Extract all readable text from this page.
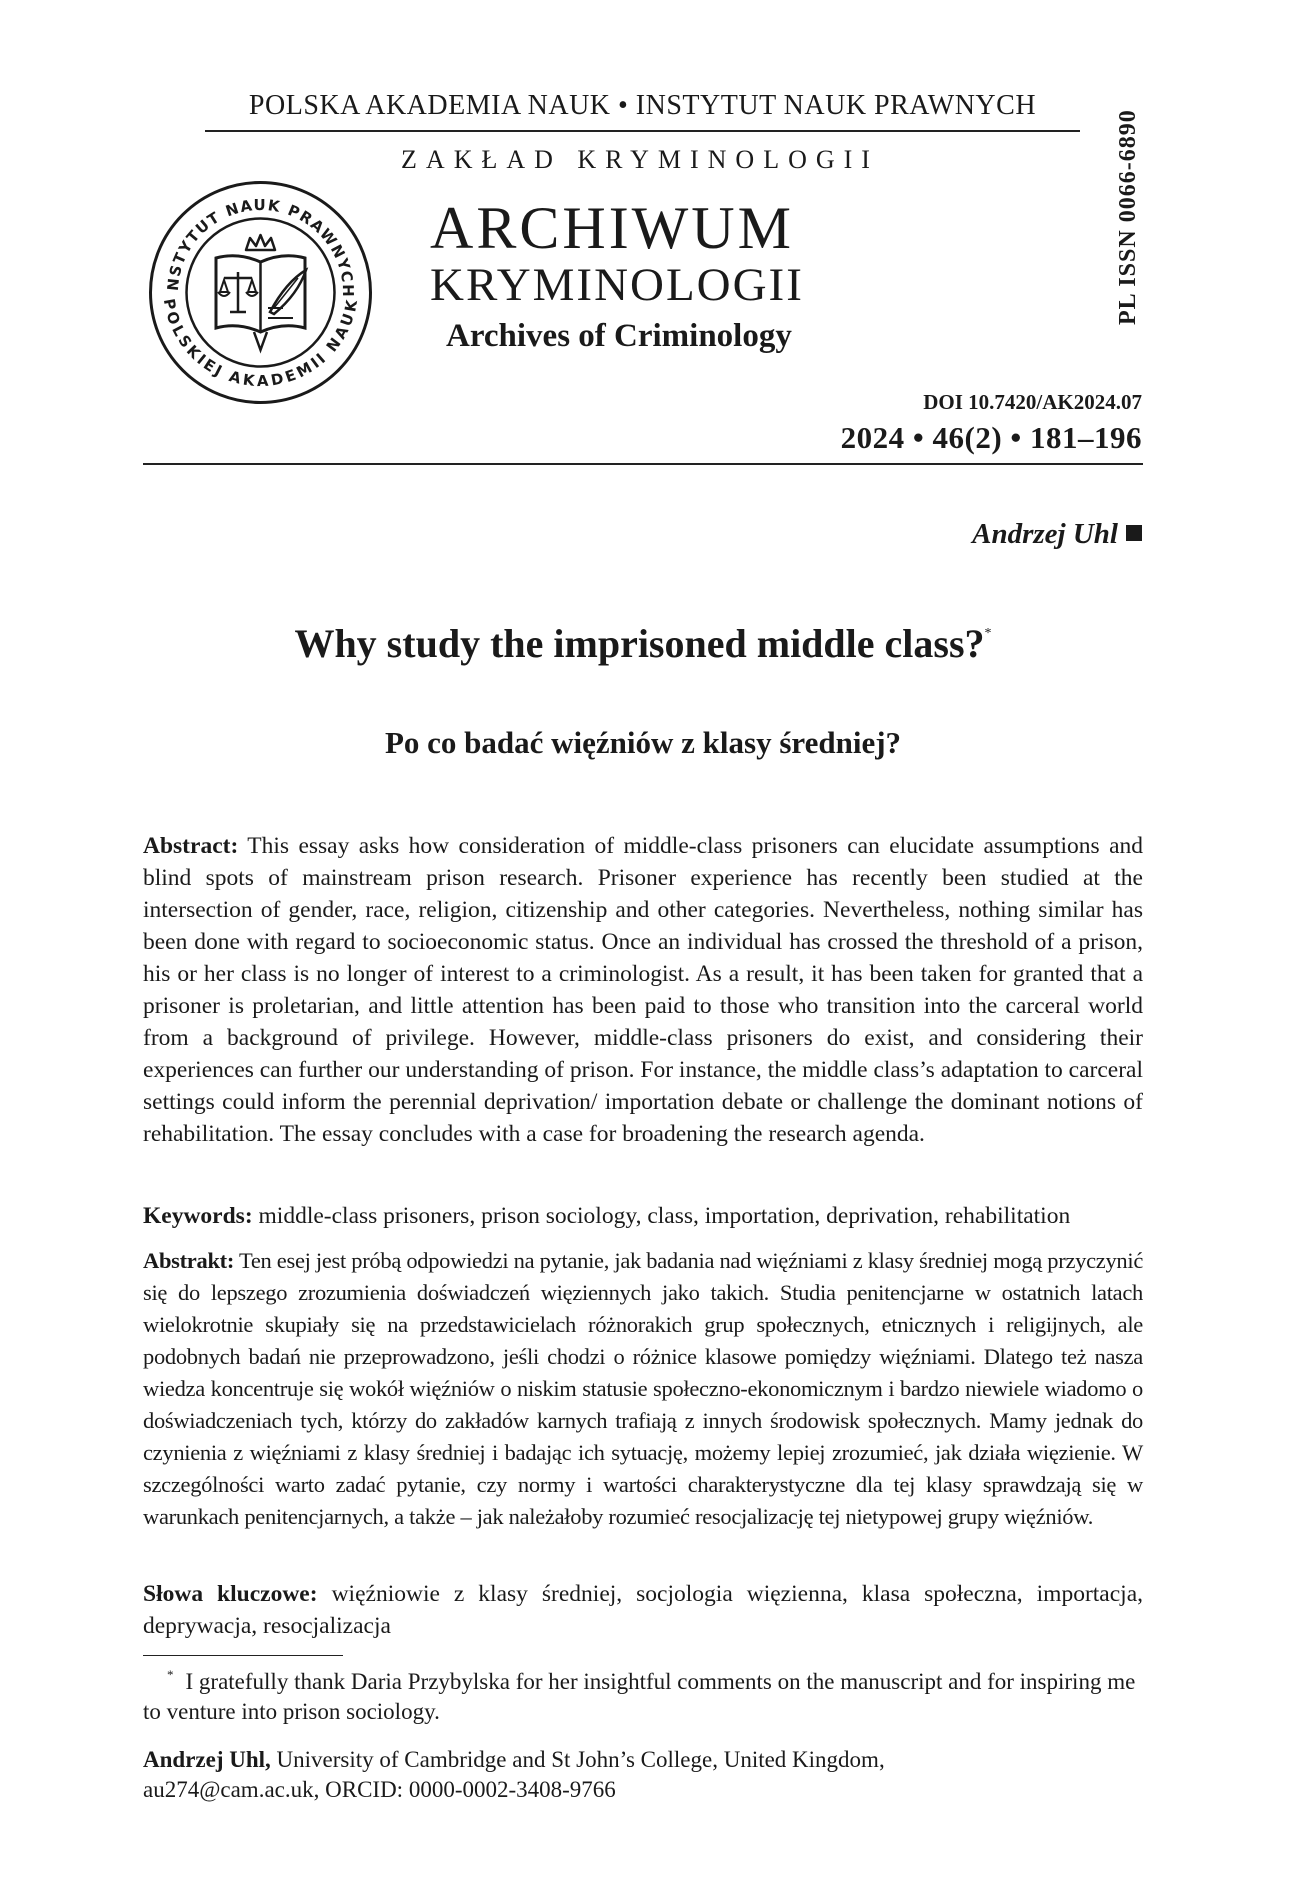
POLSKA AKADEMIA NAUK • INSTYTUT NAUK PRAWNYCH
ZAKŁAD KRYMINOLOGII
NSTYTUT NAUK PRAWNYCH
POLSKIEJ AKADEMII NAUK
ARCHIWUM
KRYMINOLOGII
Archives of Criminology
PL ISSN 0066-6890
DOI 10.7420/AK2024.07
2024 • 46(2) • 181–196
Andrzej Uhl
Why study the imprisoned middle class?*
Po co badać więźniów z klasy średniej?
Abstract: This essay asks how consideration of middle-class prisoners can elucidate assumptions and blind spots of mainstream prison research. Prisoner experience has recently been studied at the intersection of gender, race, religion, citizenship and other categories. Nevertheless, nothing similar has been done with regard to socioeconomic status. Once an individual has crossed the threshold of a prison, his or her class is no longer of interest to a criminologist. As a result, it has been taken for granted that a prisoner is proletarian, and little attention has been paid to those who transition into the carceral world from a background of privilege. However, middle-class prisoners do exist, and considering their experiences can further our understanding of prison. For instance, the middle class’s adaptation to carceral settings could inform the perennial deprivation/ importation debate or challenge the dominant notions of rehabilitation. The essay concludes with a case for broadening the research agenda.
Keywords: middle-class prisoners, prison sociology, class, importation, deprivation, rehabilitation
Abstrakt: Ten esej jest próbą odpowiedzi na pytanie, jak badania nad więźniami z klasy średniej mogą przyczynić się do lepszego zrozumienia doświadczeń więziennych jako takich. Studia penitencjarne w ostatnich latach wielokrotnie skupiały się na przedstawicielach różnorakich grup społecznych, etnicznych i religijnych, ale podobnych badań nie przeprowadzono, jeśli chodzi o różnice klasowe pomiędzy więźniami. Dlatego też nasza wiedza koncentruje się wokół więźniów o niskim statusie społeczno-ekonomicznym i bardzo niewiele wiadomo o doświadczeniach tych, którzy do zakładów karnych trafiają z innych środowisk społecznych. Mamy jednak do czynienia z więźniami z klasy średniej i badając ich sytuację, możemy lepiej zrozumieć, jak działa więzienie. W szczególności warto zadać pytanie, czy normy i wartości charakterystyczne dla tej klasy sprawdzają się w warunkach penitencjarnych, a także – jak należałoby rozumieć resocjalizację tej nietypowej grupy więźniów.
Słowa kluczowe: więźniowie z klasy średniej, socjologia więzienna, klasa społeczna, importacja, deprywacja, resocjalizacja
* I gratefully thank Daria Przybylska for her insightful comments on the manuscript and for inspiring me to venture into prison sociology.
Andrzej Uhl, University of Cambridge and St John’s College, United Kingdom,
au274@cam.ac.uk, ORCID: 0000-0002-3408-9766
